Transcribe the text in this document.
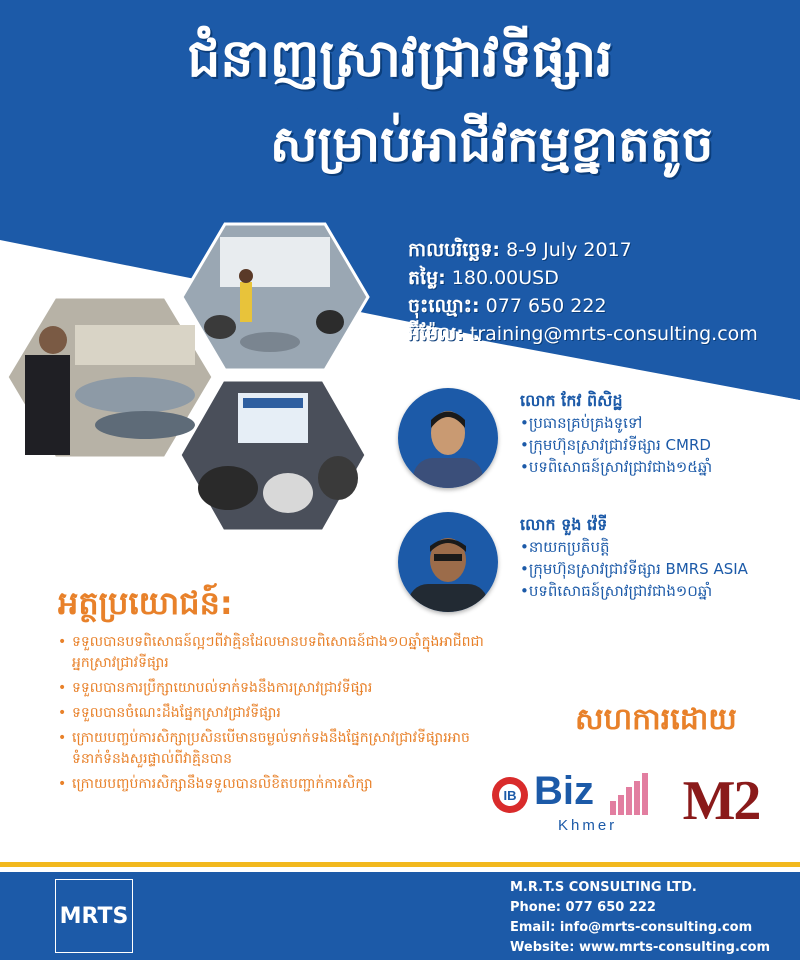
ជំនាញស្រាវជ្រាវទីផ្សារ
សម្រាប់អាជីវកម្មខ្នាតតូច
កាលបរិច្ឆេទ: 8-9 July 2017
តម្លៃ: 180.00USD
ចុះឈ្មោះ: 077 650 222
អ៊ីម៉ែល: training@mrts-consulting.com
លោក កែវ ពិសិដ្ឋ
•ប្រធានគ្រប់គ្រងទូទៅ
•ក្រុមហ៊ុនស្រាវជ្រាវទីផ្សារ CMRD
•បទពិសោធន៍ស្រាវជ្រាវជាង១៥ឆ្នាំ
លោក ទួង វ៉េទី
•នាយកប្រតិបត្តិ
•ក្រុមហ៊ុនស្រាវជ្រាវទីផ្សារ BMRS ASIA
•បទពិសោធន៍ស្រាវជ្រាវជាង១០ឆ្នាំ
អត្ថប្រយោជន៍:
• ទទួលបានបទពិសោធន៍ល្អៗពីវាគ្មិនដែលមានបទពិសោធន៍ជាង១០ឆ្នាំក្នុងអាជីពជាអ្នកស្រាវជ្រាវទីផ្សារ
• ទទួលបានការប្រឹក្សាយោបល់ទាក់ទងនឹងការស្រាវជ្រាវទីផ្សារ
• ទទួលបានចំណេះដឹងផ្នែកស្រាវជ្រាវទីផ្សារ
• ក្រោយបញ្ចប់ការសិក្សាប្រសិនបើមានចម្ងល់ទាក់ទងនឹងផ្នែកស្រាវជ្រាវទីផ្សារអាចទំនាក់ទំនងសួរផ្ទាល់ពីវាគ្មិនបាន
• ក្រោយបញ្ចប់ការសិក្សានឹងទទួលបានលិខិតបញ្ជាក់ការសិក្សា
សហការដោយ
IB Biz
Khmer M2
MRTS
M.R.T.S CONSULTING LTD.
Phone: 077 650 222
Email: info@mrts-consulting.com
Website: www.mrts-consulting.com
